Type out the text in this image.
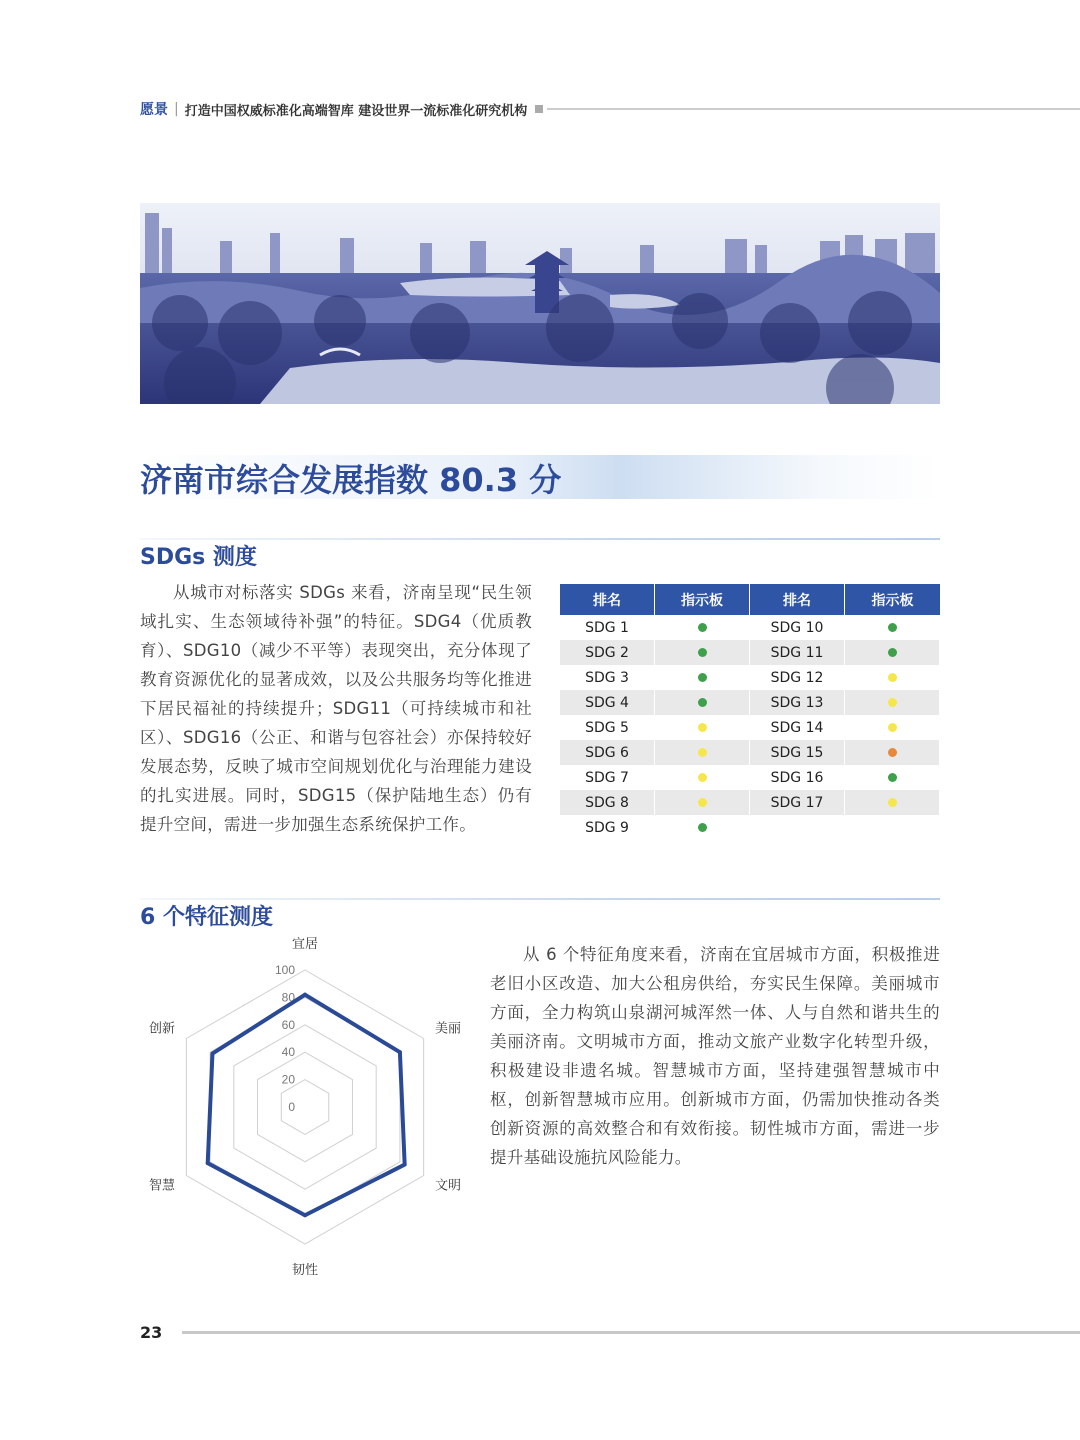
愿景 | 打造中国权威标准化高端智库 建设世界一流标准化研究机构
济南市综合发展指数 80.3 分
SDGs 测度
从城市对标落实 SDGs 来看，济南呈现“民生领域扎实、生态领域待补强”的特征。SDG4（优质教育）、SDG10（减少不平等）表现突出，充分体现了教育资源优化的显著成效，以及公共服务均等化推进下居民福祉的持续提升；SDG11（可持续城市和社区）、SDG16（公正、和谐与包容社会）亦保持较好发展态势，反映了城市空间规划优化与治理能力建设的扎实进展。同时，SDG15（保护陆地生态）仍有提升空间，需进一步加强生态系统保护工作。
排名	指示板	排名	指示板
SDG 1		SDG 10	
SDG 2		SDG 11	
SDG 3		SDG 12	
SDG 4		SDG 13	
SDG 5		SDG 14	
SDG 6		SDG 15	
SDG 7		SDG 16	
SDG 8		SDG 17	
SDG 9			
6 个特征测度
0
20
40
60
80
100
宜居
美丽
文明
韧性
智慧
创新
从 6 个特征角度来看，济南在宜居城市方面，积极推进老旧小区改造、加大公租房供给，夯实民生保障。美丽城市方面，全力构筑山泉湖河城浑然一体、人与自然和谐共生的美丽济南。文明城市方面，推动文旅产业数字化转型升级，积极建设非遗名城。智慧城市方面，坚持建强智慧城市中枢，创新智慧城市应用。创新城市方面，仍需加快推动各类创新资源的高效整合和有效衔接。韧性城市方面，需进一步提升基础设施抗风险能力。
23
